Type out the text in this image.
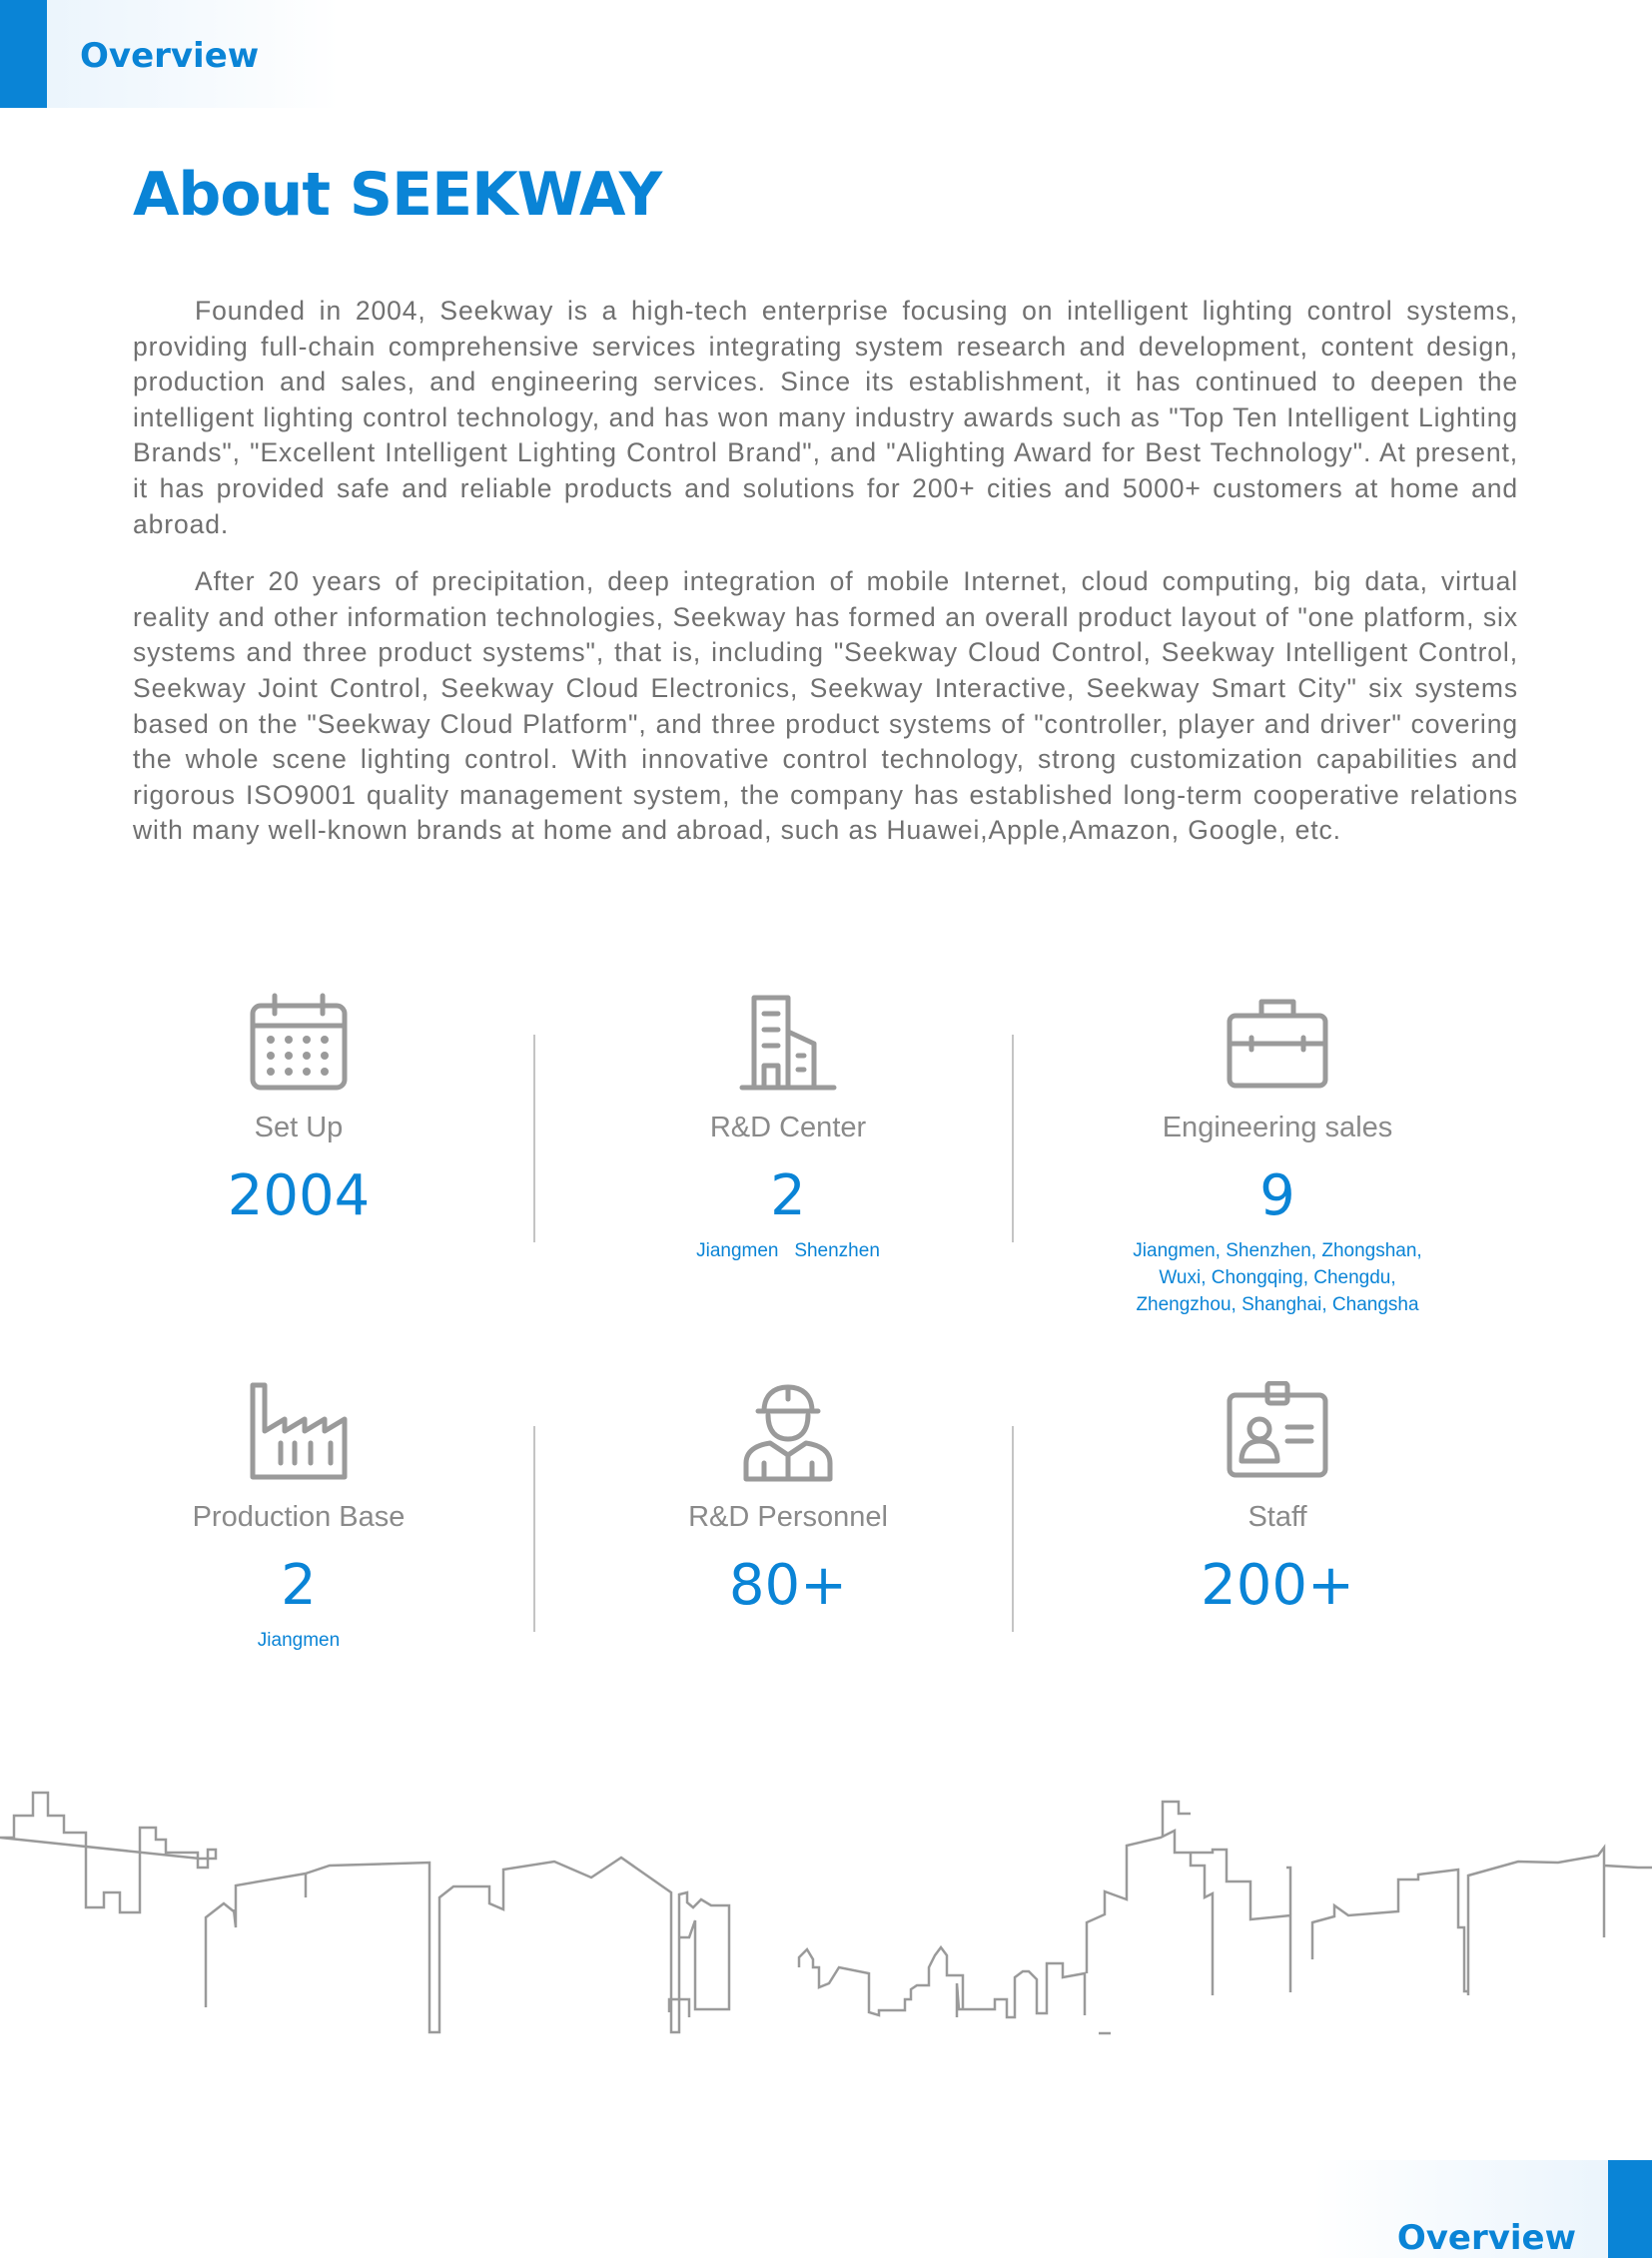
Overview
About SEEKWAY

Founded in 2004, Seekway is a high-tech enterprise focusing on intelligent lighting control systems, providing full-chain comprehensive services integrating system research and development, content design, production and sales, and engineering services. Since its establishment, it has continued to deepen the intelligent lighting control technology, and has won many industry awards such as "Top Ten Intelligent Lighting Brands", "Excellent Intelligent Lighting Control Brand", and "Alighting Award for Best Technology". At present, it has provided safe and reliable products and solutions for 200+ cities and 5000+ customers at home and abroad.

After 20 years of precipitation, deep integration of mobile Internet, cloud computing, big data, virtual reality and other information technologies, Seekway has formed an overall product layout of "one platform, six systems and three product systems", that is, including "Seekway Cloud Control, Seekway Intelligent Control, Seekway Joint Control, Seekway Cloud Electronics, Seekway Interactive, Seekway Smart City" six systems based on the "Seekway Cloud Platform", and three product systems of "controller, player and driver" covering the whole scene lighting control. With innovative control technology, strong customization capabilities and rigorous ISO9001 quality management system, the company has established long-term cooperative relations with many well-known brands at home and abroad, such as Huawei,Apple,Amazon, Google, etc.

Set Up
2004
R&D Center
2
Jiangmen   Shenzhen
Engineering sales
9
Jiangmen, Shenzhen, Zhongshan,
Wuxi, Chongqing, Chengdu,
Zhengzhou, Shanghai, Changsha
Production Base
2
Jiangmen
R&D Personnel
80+
Staff
200+
Overview
